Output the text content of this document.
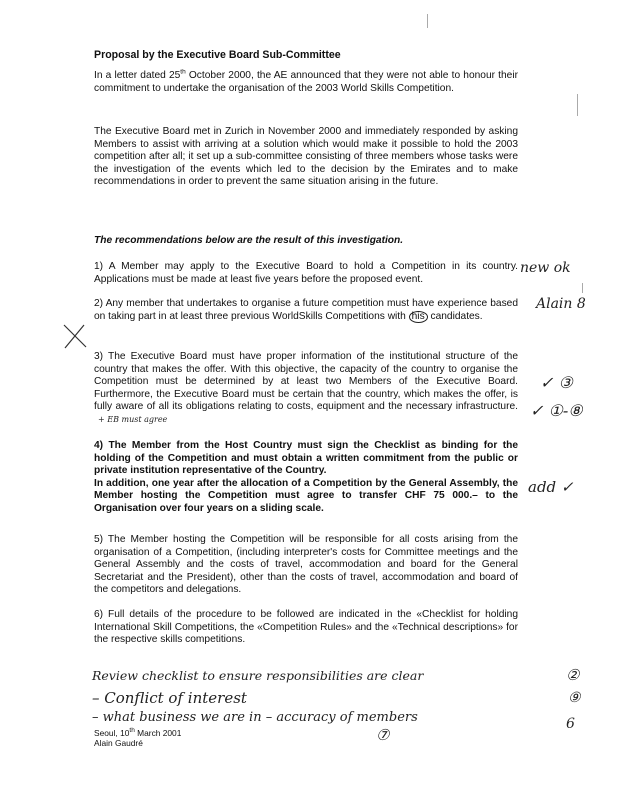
Proposal by the Executive Board Sub-Committee
In a letter dated 25th October 2000, the AE announced that they were not able to honour their commitment to undertake the organisation of the 2003 World Skills Competition.
The Executive Board met in Zurich in November 2000 and immediately responded by asking Members to assist with arriving at a solution which would make it possible to hold the 2003 competition after all; it set up a sub-committee consisting of three members whose tasks were the investigation of the events which led to the decision by the Emirates and to make recommendations in order to prevent the same situation arising in the future.
The recommendations below are the result of this investigation.
1) A Member may apply to the Executive Board to hold a Competition in its country. Applications must be made at least five years before the proposed event.
2) Any member that undertakes to organise a future competition must have experience based on taking part in at least three previous WorldSkills Competitions with his candidates.
3) The Executive Board must have proper information of the institutional structure of the country that makes the offer. With this objective, the capacity of the country to organise the Competition must be determined by at least two Members of the Executive Board. Furthermore, the Executive Board must be certain that the country, which makes the offer, is fully aware of all its obligations relating to costs, equipment and the necessary infrastructure. + EB must agree
4) The Member from the Host Country must sign the Checklist as binding for the holding of the Competition and must obtain a written commitment from the public or private institution representative of the Country.
In addition, one year after the allocation of a Competition by the General Assembly, the Member hosting the Competition must agree to transfer CHF 75 000.– to the Organisation over four years on a sliding scale.
5) The Member hosting the Competition will be responsible for all costs arising from the organisation of a Competition, (including interpreter's costs for Committee meetings and the General Assembly and the costs of travel, accommodation and board for the General Secretariat and the President), other than the costs of travel, accommodation and board of the competitors and delegations.
6) Full details of the procedure to be followed are indicated in the «Checklist for holding International Skill Competitions, the «Competition Rules» and the «Technical descriptions» for the respective skills competitions.
Seoul, 10th March 2001
Alain Gaudré
new ok
Alain 8
✓ ③
✓ ①-⑧
add ✓
Review checklist to ensure responsibilities are clear	②
– Conflict of interest	⑨
– what business we are in – accuracy of members
⑦
6
